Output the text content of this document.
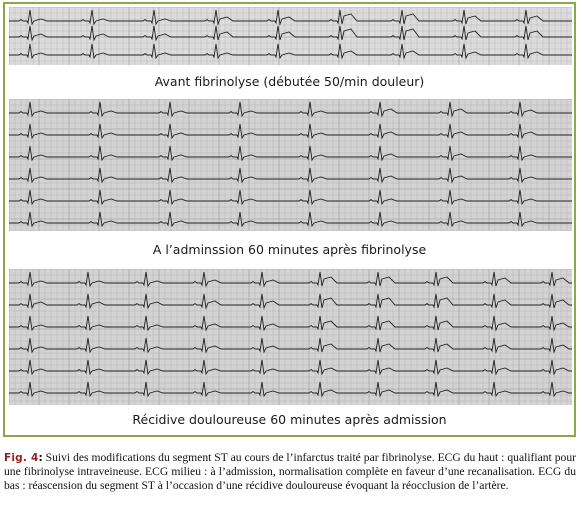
Avant fibrinolyse (débutée 50/min douleur)
A l’adminssion 60 minutes après fibrinolyse
Récidive douloureuse 60 minutes après admission
Fig. 4: Suivi des modifications du segment ST au cours de l’infarctus traité par fibrinolyse. ECG du haut : qualifiant pour une fibrinolyse intraveineuse. ECG milieu : à l’admission, normalisation complète en faveur d’une recanalisation. ECG du bas : réascension du segment ST à l’occasion d’une récidive douloureuse évoquant la réocclusion de l’artère.
